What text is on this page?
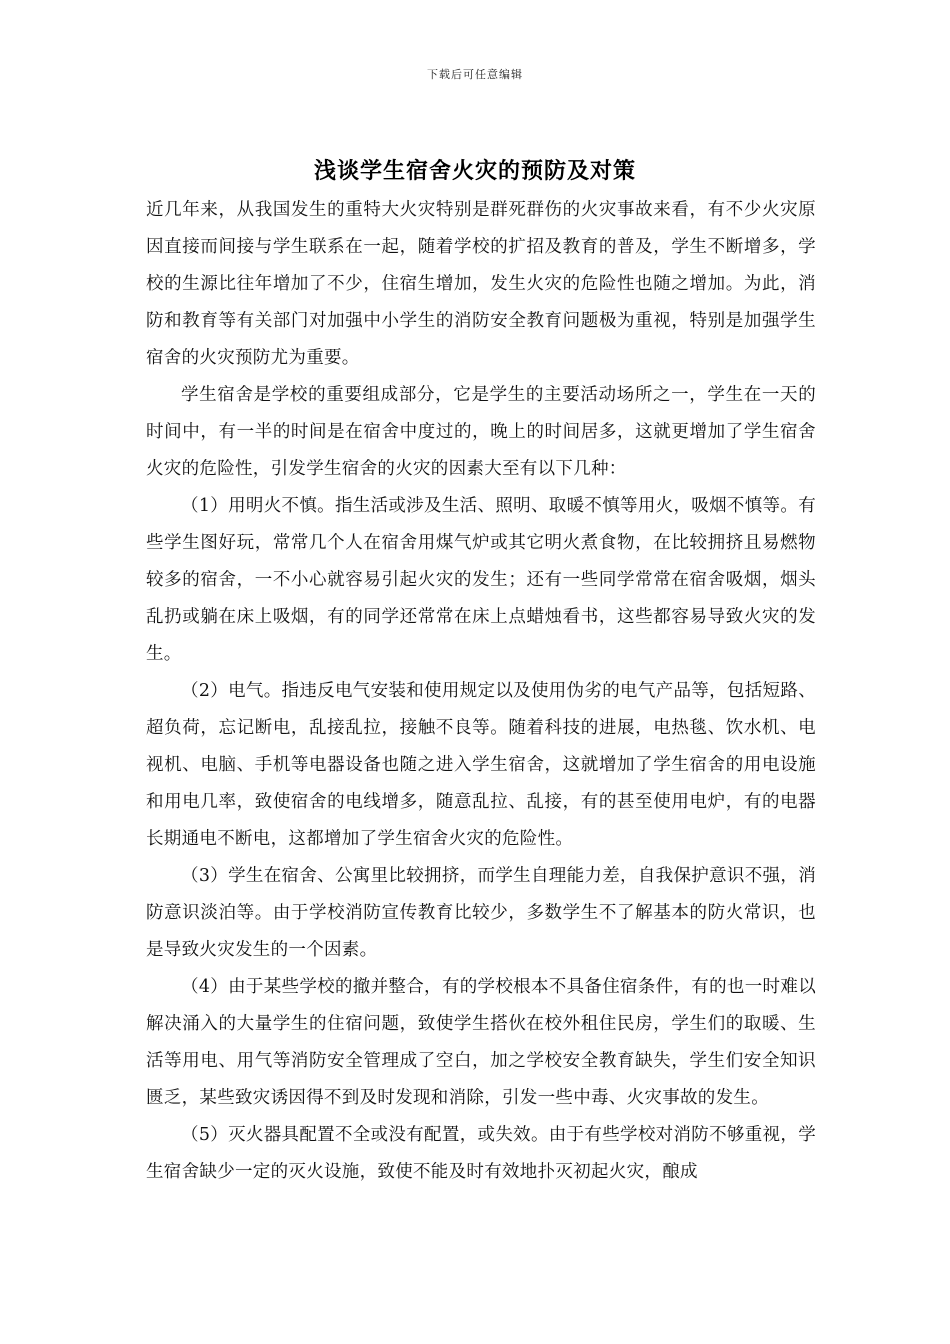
下载后可任意编辑
浅谈学生宿舍火灾的预防及对策

近几年来，从我国发生的重特大火灾特别是群死群伤的火灾事故来看，有不少火灾原因直接而间接与学生联系在一起，随着学校的扩招及教育的普及，学生不断增多，学校的生源比往年增加了不少，住宿生增加，发生火灾的危险性也随之增加。为此，消防和教育等有关部门对加强中小学生的消防安全教育问题极为重视，特别是加强学生宿舍的火灾预防尤为重要。

学生宿舍是学校的重要组成部分，它是学生的主要活动场所之一，学生在一天的时间中，有一半的时间是在宿舍中度过的，晚上的时间居多，这就更增加了学生宿舍火灾的危险性，引发学生宿舍的火灾的因素大至有以下几种：

（1）用明火不慎。指生活或涉及生活、照明、取暖不慎等用火，吸烟不慎等。有些学生图好玩，常常几个人在宿舍用煤气炉或其它明火煮食物，在比较拥挤且易燃物较多的宿舍，一不小心就容易引起火灾的发生；还有一些同学常常在宿舍吸烟，烟头乱扔或躺在床上吸烟，有的同学还常常在床上点蜡烛看书，这些都容易导致火灾的发生。

（2）电气。指违反电气安装和使用规定以及使用伪劣的电气产品等，包括短路、超负荷，忘记断电，乱接乱拉，接触不良等。随着科技的进展，电热毯、饮水机、电视机、电脑、手机等电器设备也随之进入学生宿舍，这就增加了学生宿舍的用电设施和用电几率，致使宿舍的电线增多，随意乱拉、乱接，有的甚至使用电炉，有的电器长期通电不断电，这都增加了学生宿舍火灾的危险性。

（3）学生在宿舍、公寓里比较拥挤，而学生自理能力差，自我保护意识不强，消防意识淡泊等。由于学校消防宣传教育比较少，多数学生不了解基本的防火常识，也是导致火灾发生的一个因素。

（4）由于某些学校的撤并整合，有的学校根本不具备住宿条件，有的也一时难以解决涌入的大量学生的住宿问题，致使学生搭伙在校外租住民房，学生们的取暖、生活等用电、用气等消防安全管理成了空白，加之学校安全教育缺失，学生们安全知识匮乏，某些致灾诱因得不到及时发现和消除，引发一些中毒、火灾事故的发生。

（5）灭火器具配置不全或没有配置，或失效。由于有些学校对消防不够重视，学生宿舍缺少一定的灭火设施，致使不能及时有效地扑灭初起火灾，酿成
